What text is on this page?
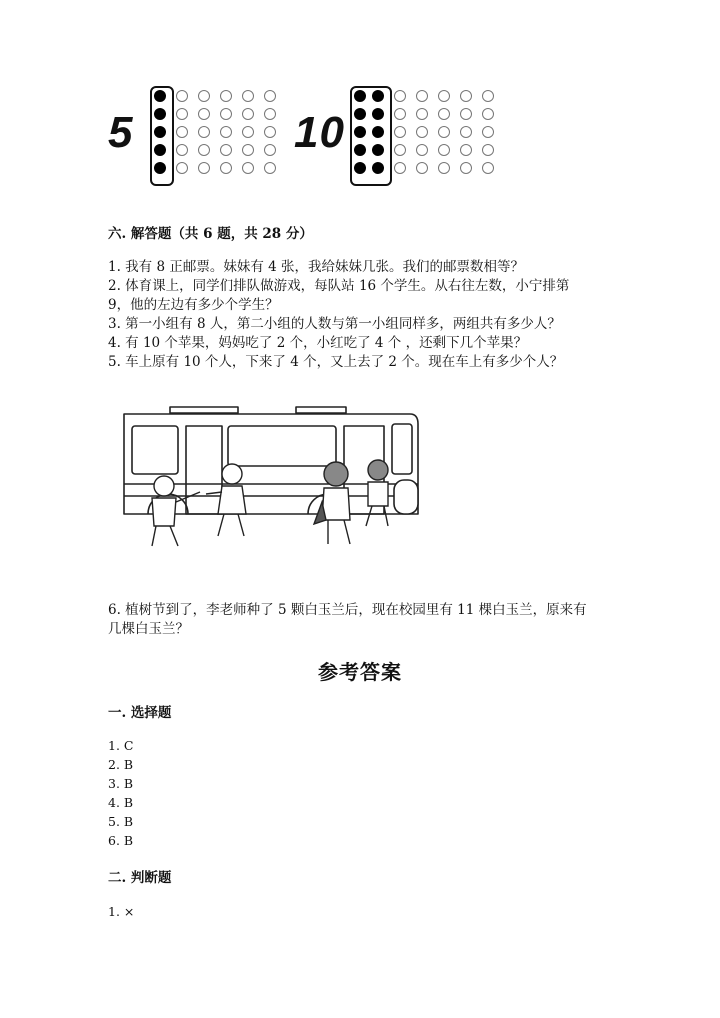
5	10
六. 解答题（共 6 题，共 28 分）
1. 我有 8 正邮票。妹妹有 4 张，我给妹妹几张。我们的邮票数相等？
2. 体育课上，同学们排队做游戏，每队站 16 个学生。从右往左数，小宁排第
9，他的左边有多少个学生？
3. 第一小组有 8 人，第二小组的人数与第一小组同样多，两组共有多少人？
4. 有 10 个苹果，妈妈吃了 2 个，小红吃了 4 个 ，还剩下几个苹果？
5. 车上原有 10 个人，下来了 4 个，又上去了 2 个。现在车上有多少个人？
6. 植树节到了，李老师种了 5 颗白玉兰后，现在校园里有 11 棵白玉兰，原来有
几棵白玉兰？
参考答案
一. 选择题
1. C
2. B
3. B
4. B
5. B
6. B
二. 判断题
1. ×
